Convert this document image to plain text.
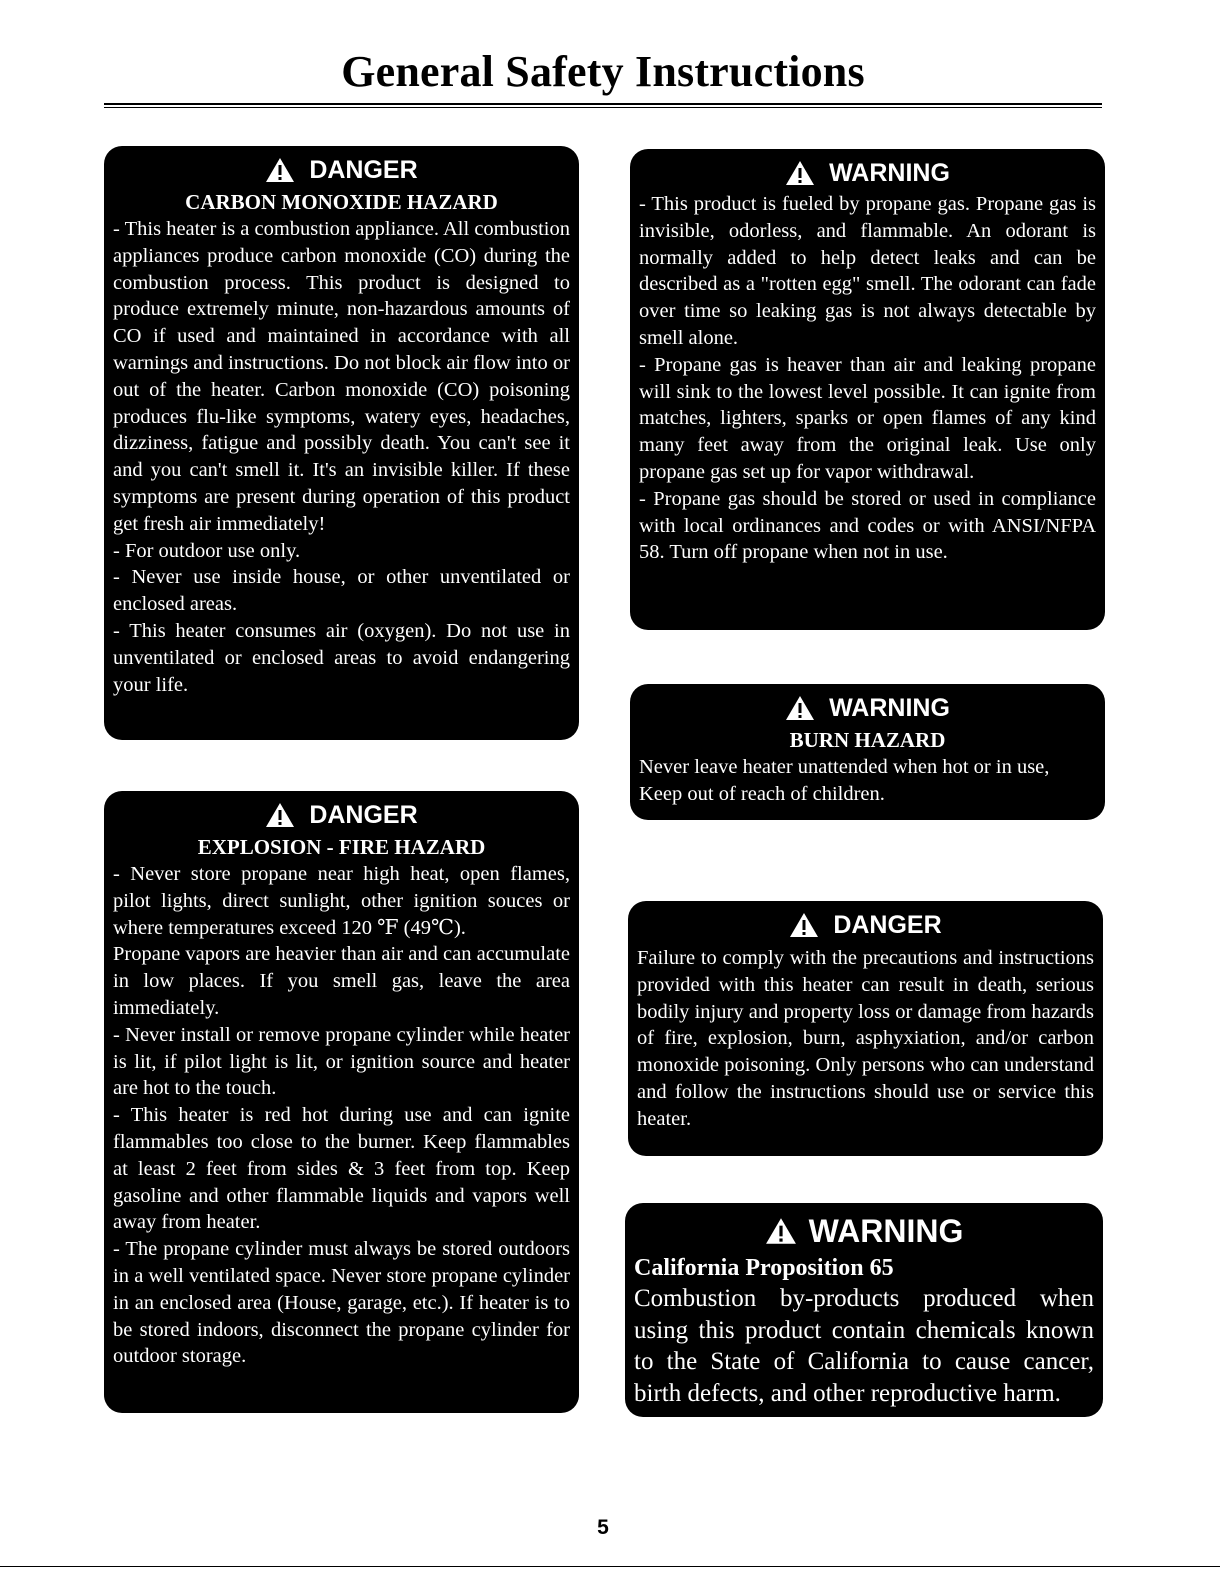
General Safety Instructions
DANGER
CARBON MONOXIDE HAZARD

- This heater is a combustion appliance. All combustion appliances produce carbon monoxide (CO) during the combustion process. This product is designed to produce extremely minute, non-hazardous amounts of CO if used and maintained in accordance with all warnings and instructions. Do not block air flow into or out of the heater. Carbon monoxide (CO) poisoning produces flu-like symptoms, watery eyes, headaches, dizziness, fatigue and possibly death. You can't see it and you can't smell it. It's an invisible killer. If these symptoms are present during operation of this product get fresh air immediately!

- For outdoor use only.

- Never use inside house, or other unventilated or enclosed areas.

- This heater consumes air (oxygen). Do not use in unventilated or enclosed areas to avoid endangering your life.

DANGER
EXPLOSION - FIRE HAZARD

- Never store propane near high heat, open flames, pilot lights, direct sunlight, other ignition souces or where temperatures exceed 120 ℉ (49℃).

Propane vapors are heavier than air and can accumulate in low places. If you smell gas, leave the area immediately.

- Never install or remove propane cylinder while heater is lit, if pilot light is lit, or ignition source and heater are hot to the touch.

- This heater is red hot during use and can ignite flammables too close to the burner. Keep flammables at least 2 feet from sides & 3 feet from top. Keep gasoline and other flammable liquids and vapors well away from heater.

- The propane cylinder must always be stored outdoors in a well ventilated space. Never store propane cylinder in an enclosed area (House, garage, etc.). If heater is to be stored indoors, disconnect the propane cylinder for outdoor storage.

WARNING

- This product is fueled by propane gas. Propane gas is invisible, odorless, and flammable. An odorant is normally added to help detect leaks and can be described as a "rotten egg" smell. The odorant can fade over time so leaking gas is not always detectable by smell alone.

- Propane gas is heaver than air and leaking propane will sink to the lowest level possible. It can ignite from matches, lighters, sparks or open flames of any kind many feet away from the original leak. Use only propane gas set up for vapor withdrawal.

- Propane gas should be stored or used in compliance with local ordinances and codes or with ANSI/NFPA 58. Turn off propane when not in use.

WARNING
BURN HAZARD

Never leave heater unattended when hot or in use, Keep out of reach of children.

DANGER

Failure to comply with the precautions and instructions provided with this heater can result in death, serious bodily injury and property loss or damage from hazards of fire, explosion, burn, asphyxiation, and/or carbon monoxide poisoning. Only persons who can understand and follow the instructions should use or service this heater.

WARNING
California Proposition 65

Combustion by-products produced when using this product contain chemicals known to the State of California to cause cancer, birth defects, and other reproductive harm.

5
